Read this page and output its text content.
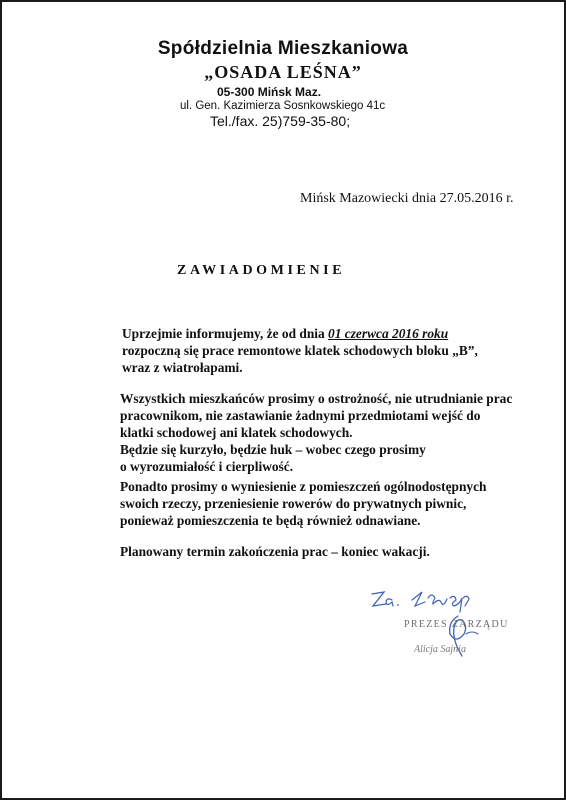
Spółdzielnia Mieszkaniowa
„OSADA LEŚNA”
05-300 Mińsk Maz.
ul. Gen. Kazimierza Sosnkowskiego 41c
Tel./fax. 25)759-35-80;
Mińsk Mazowiecki dnia 27.05.2016 r.
ZAWIADOMIENIE
Uprzejmie informujemy, że od dnia 01 czerwca 2016 roku
rozpoczną się prace remontowe klatek schodowych bloku „B”,
wraz z wiatrołapami.
Wszystkich mieszkańców prosimy o ostrożność, nie utrudnianie prac
pracownikom, nie zastawianie żadnymi przedmiotami wejść do
klatki schodowej ani klatek schodowych.
Będzie się kurzyło, będzie huk – wobec czego prosimy
o wyrozumiałość i cierpliwość.
Ponadto prosimy o wyniesienie z pomieszczeń ogólnodostępnych
swoich rzeczy, przeniesienie rowerów do prywatnych piwnic,
ponieważ pomieszczenia te będą również odnawiane.
Planowany termin zakończenia prac – koniec wakacji.
PREZES ZARZĄDU
Alicja Sajnia
